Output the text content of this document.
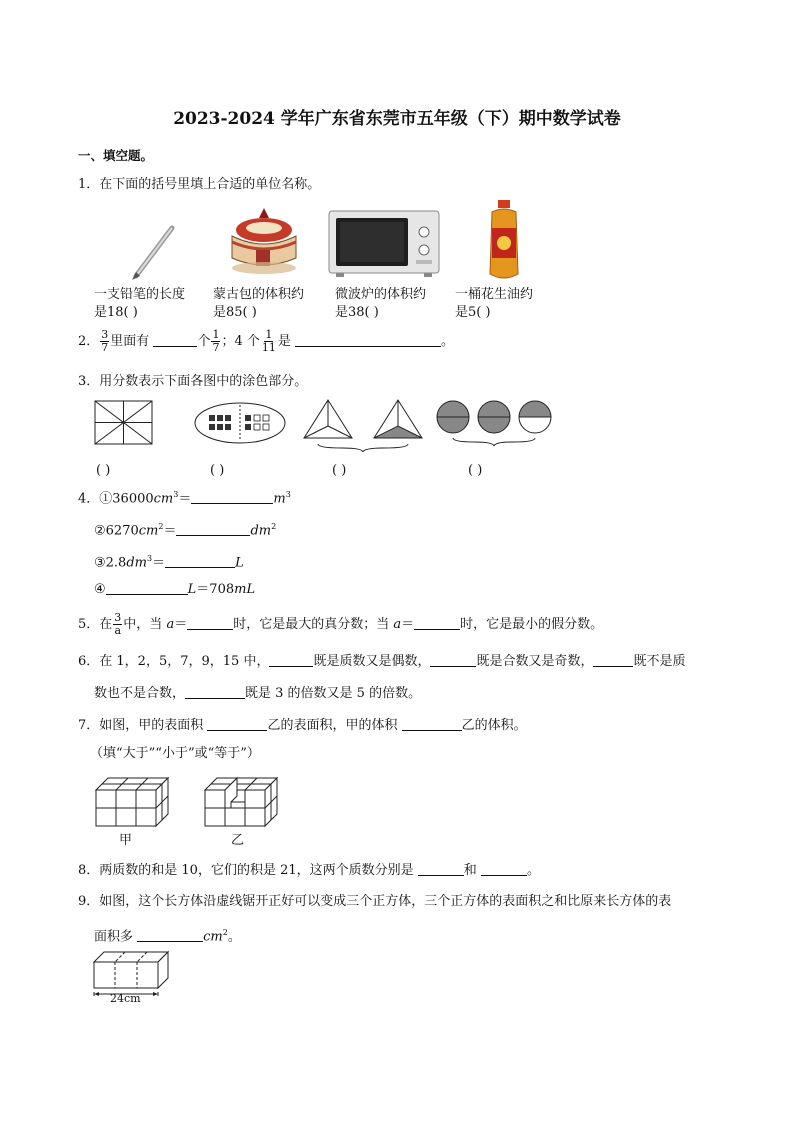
2023-2024 学年广东省东莞市五年级（下）期中数学试卷
一、填空题。
1．在下面的括号里填上合适的单位名称。
一支铅笔的长度
是18( )
蒙古包的体积约
是85( )
微波炉的体积约
是38( )
一桶花生油约
是5( )
2． $\frac{3}{7}$ 里面有	个 $\frac{1}{7}$ ；4 个 $\frac{1}{11}$ 是	。
3．用分数表示下面各图中的涂色部分。
( )	( )	( )	( )
4．$①36000cm^3=$	$m^3$
$②6270cm^2=$	$dm^2$
$③2.8dm^3=$	L
④	L＝708mL
5．在 $\frac{3}{a}$ 中，当 a＝	时，它是最大的真分数；当 a＝	时，它是最小的假分数。
6．在 1，2，5，7，9，15 中，	既是质数又是偶数，	既是合数又是奇数，	既不是质
数也不是合数，	既是 3 的倍数又是 5 的倍数。
7．如图，甲的表面积	乙的表面积，甲的体积	乙的体积。
（填“大于”“小于”或“等于”）
甲	乙
8．两质数的和是 10，它们的积是 21，这两个质数分别是	和	。
9．如图，这个长方体沿虚线锯开正好可以变成三个正方体，三个正方体的表面积之和比原来长方体的表
面积多	$cm^2$。
24cm
